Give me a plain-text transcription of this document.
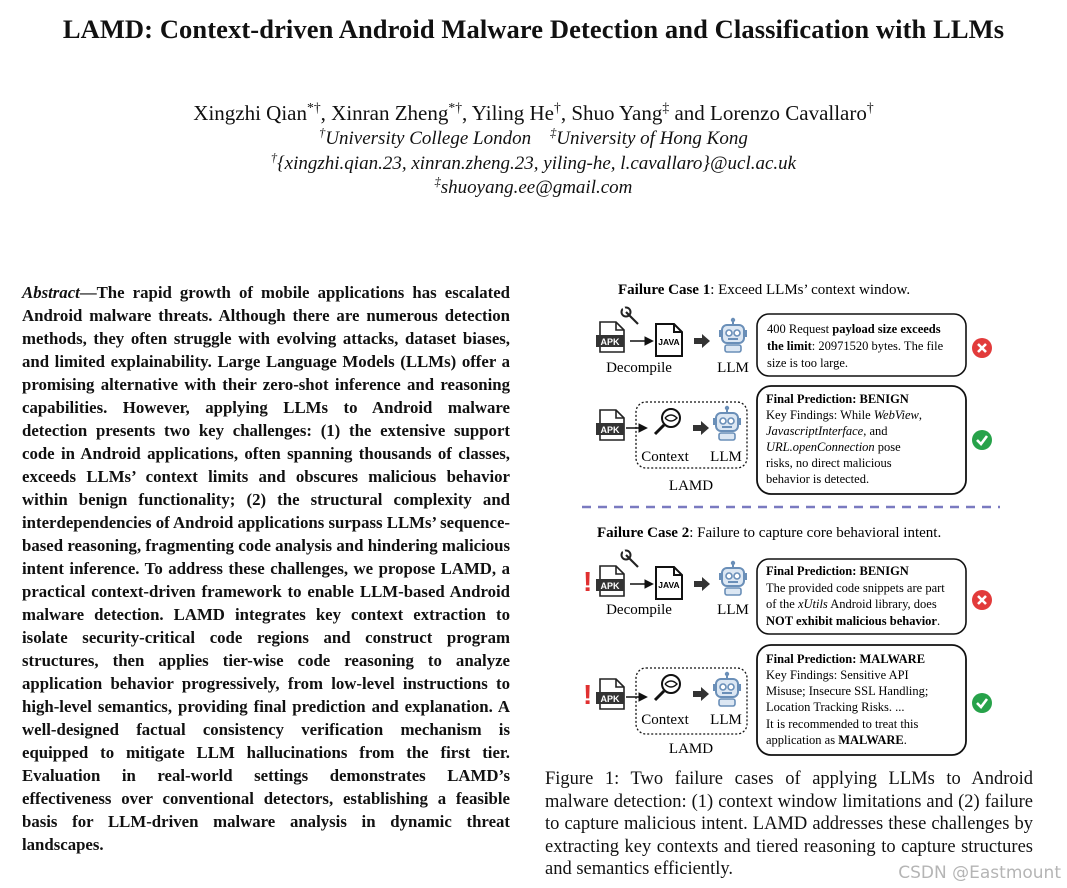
LAMD: Context-driven Android Malware Detection and Classification with LLMs
Xingzhi Qian*†, Xinran Zheng*†, Yiling He†, Shuo Yang‡ and Lorenzo Cavallaro†
†University College London ‡University of Hong Kong
†{xingzhi.qian.23, xinran.zheng.23, yiling-he, l.cavallaro}@ucl.ac.uk
‡shuoyang.ee@gmail.com
Abstract—The rapid growth of mobile applications has escalated Android malware threats. Although there are numerous detection methods, they often struggle with evolving attacks, dataset biases, and limited explainability. Large Language Models (LLMs) offer a promising alternative with their zero-shot inference and reasoning capabilities. However, applying LLMs to Android malware detection presents two key challenges: (1) the extensive support code in Android applications, often spanning thousands of classes, exceeds LLMs’ context limits and obscures malicious behavior within benign functionality; (2) the structural complexity and interdependencies of Android applications surpass LLMs’ sequence-based reasoning, fragmenting code analysis and hindering malicious intent inference. To address these challenges, we propose LAMD, a practical context-driven framework to enable LLM-based Android malware detection. LAMD integrates key context extraction to isolate security-critical code regions and construct program structures, then applies tier-wise code reasoning to analyze application behavior progressively, from low-level instructions to high-level semantics, providing final prediction and explanation. A well-designed factual consistency verification mechanism is equipped to mitigate LLM hallucinations from the first tier. Evaluation in real-world settings demonstrates LAMD’s effectiveness over conventional detectors, establishing a feasible basis for LLM-driven malware analysis in dynamic threat landscapes.
Failure Case 1: Exceed LLMs’ context window.
APK	JAVA
Decompile	LLM
400 Request payload size exceeds
the limit: 20971520 bytes. The file
size is too large.
APK
Context LLM
LAMD
Final Prediction: BENIGN
Key Findings: While WebView,
JavascriptInterface, and
URL.openConnection pose
risks, no direct malicious
behavior is detected.
Failure Case 2: Failure to capture core behavioral intent.
! APK	JAVA
Decompile	LLM
Final Prediction: BENIGN
The provided code snippets are part
of the xUtils Android library, does
NOT exhibit malicious behavior.
! APK
Context LLM
LAMD
Final Prediction: MALWARE
Key Findings: Sensitive API
Misuse; Insecure SSL Handling;
Location Tracking Risks. ...
It is recommended to treat this
application as MALWARE.
Figure 1: Two failure cases of applying LLMs to Android malware detection: (1) context window limitations and (2) failure to capture malicious intent. LAMD addresses these challenges by extracting key contexts and tiered reasoning to capture structures and semantics efficiently.	CSDN @Eastmount
